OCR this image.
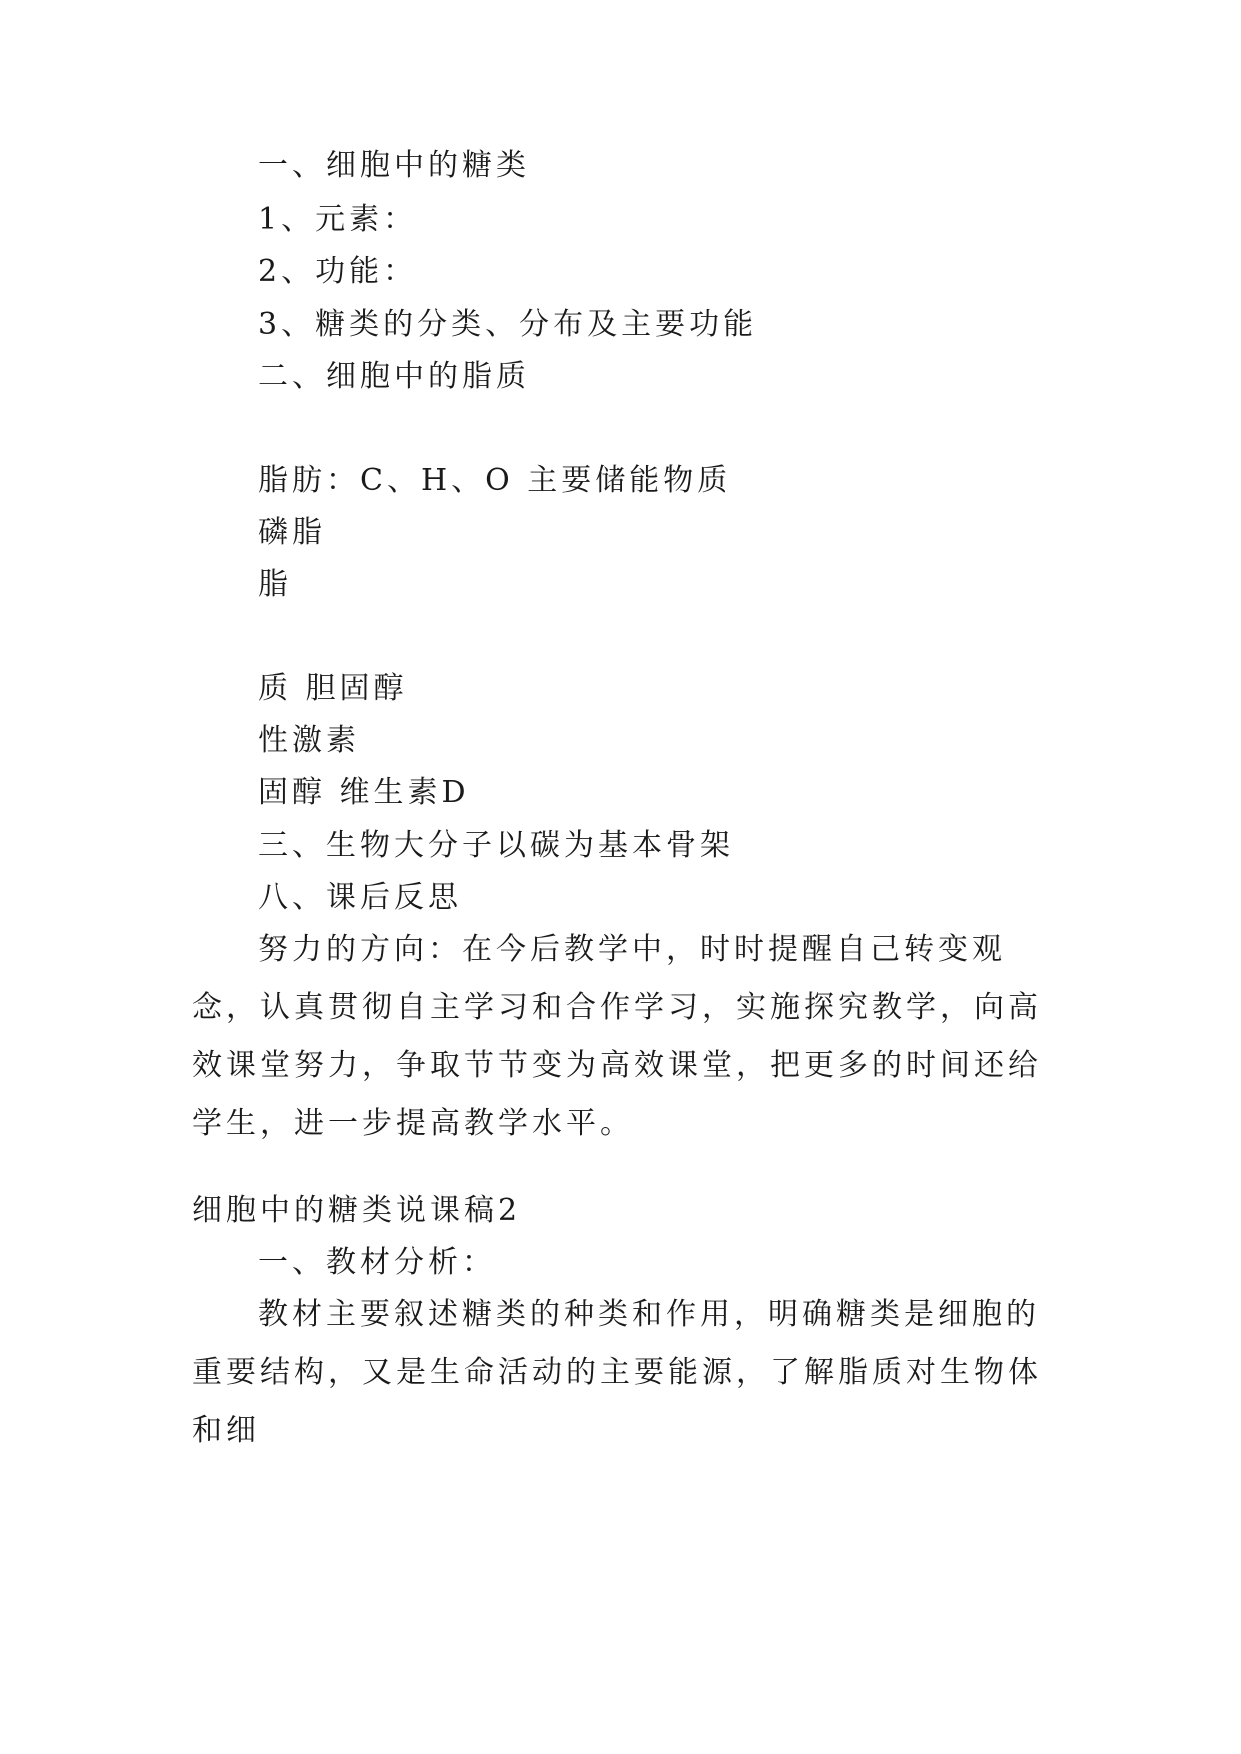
一、细胞中的糖类
1、元素：
2、功能：
3、糖类的分类、分布及主要功能
二、细胞中的脂质
脂肪：C、H、O 主要储能物质
磷脂
脂
质 胆固醇
性激素
固醇 维生素D
三、生物大分子以碳为基本骨架
八、课后反思
努力的方向：在今后教学中，时时提醒自己转变观念，认真贯彻自主学习和合作学习，实施探究教学，向高效课堂努力，争取节节变为高效课堂，把更多的时间还给学生，进一步提高教学水平。
细胞中的糖类说课稿2
一、教材分析：
教材主要叙述糖类的种类和作用，明确糖类是细胞的重要结构，又是生命活动的主要能源，了解脂质对生物体和细
